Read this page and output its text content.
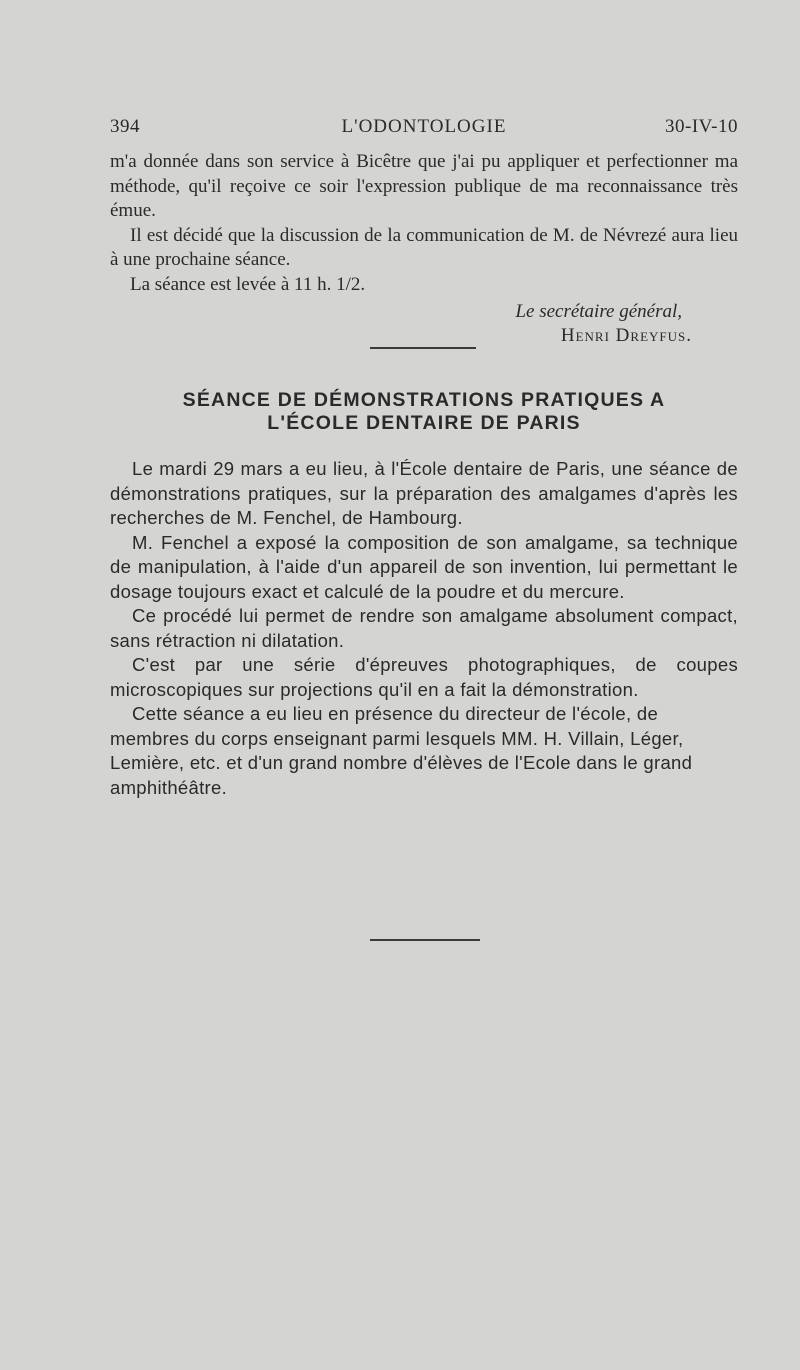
394	L'ODONTOLOGIE	30-IV-10

m'a donnée dans son service à Bicêtre que j'ai pu appliquer et perfectionner ma méthode, qu'il reçoive ce soir l'expression publique de ma reconnaissance très émue.

Il est décidé que la discussion de la communication de M. de Névrezé aura lieu à une prochaine séance.

La séance est levée à 11 h. 1/2.

Le secrétaire général,
Henri Dreyfus.
SÉANCE DE DÉMONSTRATIONS PRATIQUES A
L'ÉCOLE DENTAIRE DE PARIS

Le mardi 29 mars a eu lieu, à l'École dentaire de Paris, une séance de démonstrations pratiques, sur la préparation des amalgames d'après les recherches de M. Fenchel, de Hambourg.

M. Fenchel a exposé la composition de son amalgame, sa technique de manipulation, à l'aide d'un appareil de son invention, lui permettant le dosage toujours exact et calculé de la poudre et du mercure.

Ce procédé lui permet de rendre son amalgame absolument compact, sans rétraction ni dilatation.

C'est par une série d'épreuves photographiques, de coupes microscopiques sur projections qu'il en a fait la démonstration.

Cette séance a eu lieu en présence du directeur de l'école, de membres du corps enseignant parmi lesquels MM. H. Villain, Léger, Lemière, etc. et d'un grand nombre d'élèves de l'Ecole dans le grand amphithéâtre.
